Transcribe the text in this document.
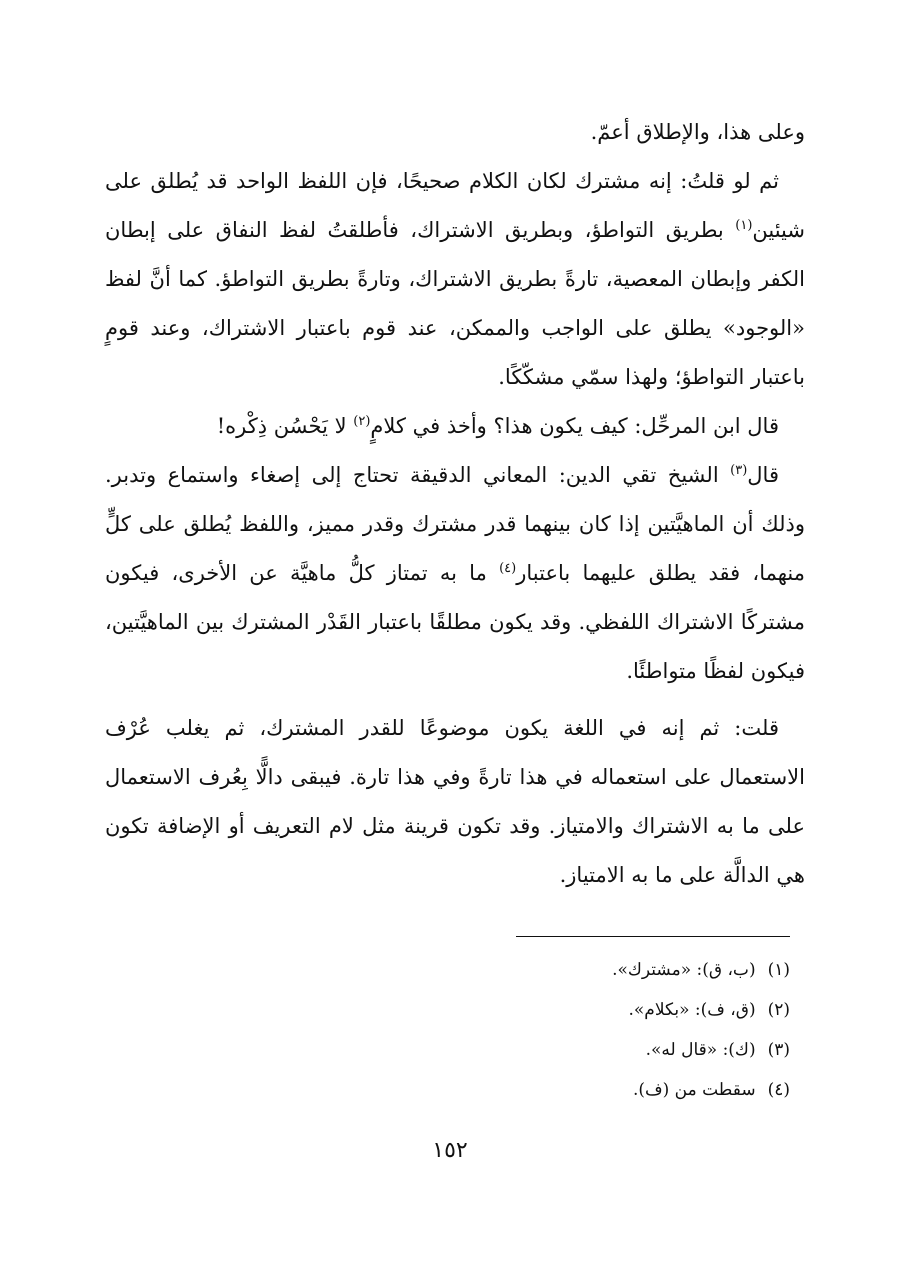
وعلى هذا، والإطلاق أعمّ.

ثم لو قلتُ: إنه مشترك لكان الكلام صحيحًا، فإن اللفظ الواحد قد يُطلق على شيئين$^{(١)}$ بطريق التواطؤ، وبطريق الاشتراك، فأطلقتُ لفظ النفاق على إبطان الكفر وإبطان المعصية، تارةً بطريق الاشتراك، وتارةً بطريق التواطؤ. كما أنَّ لفظ «الوجود» يطلق على الواجب والممكن، عند قوم باعتبار الاشتراك، وعند قومٍ باعتبار التواطؤ؛ ولهذا سمّي مشكّكًا.

قال ابن المرحِّل: كيف يكون هذا؟ وأخذ في كلامٍ$^{(٢)}$ لا يَحْسُن ذِكْره!

قال$^{(٣)}$ الشيخ تقي الدين: المعاني الدقيقة تحتاج إلى إصغاء واستماع وتدبر. وذلك أن الماهيَّتين إذا كان بينهما قدر مشترك وقدر مميز، واللفظ يُطلق على كلٍّ منهما، فقد يطلق عليهما باعتبار$^{(٤)}$ ما به تمتاز كلُّ ماهيَّة عن الأخرى، فيكون مشتركًا الاشتراك اللفظي. وقد يكون مطلقًا باعتبار القَدْر المشترك بين الماهيَّتين، فيكون لفظًا متواطئًا.

قلت: ثم إنه في اللغة يكون موضوعًا للقدر المشترك، ثم يغلب عُرْف الاستعمال على استعماله في هذا تارةً وفي هذا تارة. فيبقى دالًّا بِعُرف الاستعمال على ما به الاشتراك والامتياز. وقد تكون قرينة مثل لام التعريف أو الإضافة تكون هي الدالَّة على ما به الامتياز.

(١)(ب، ق): «مشترك».
(٢)(ق، ف): «بكلام».
(٣)(ك): «قال له».
(٤)سقطت من (ف).
١٥٢
